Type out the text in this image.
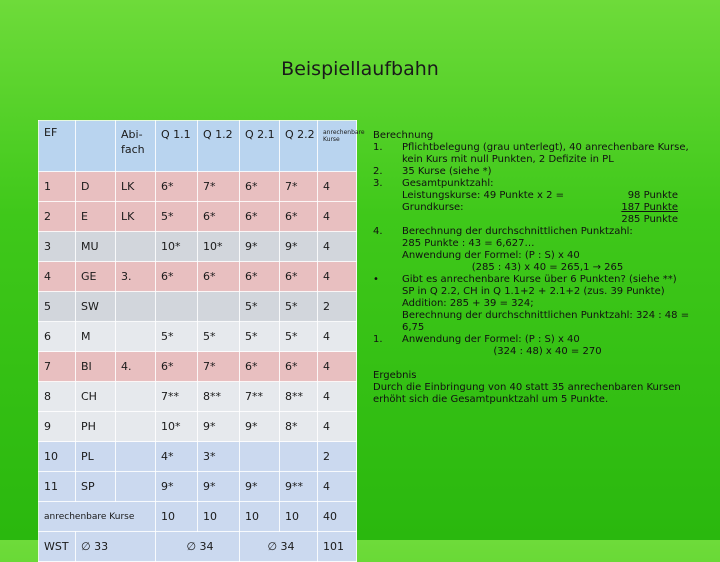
Beispiellaufbahn
EF		Abi-fach	Q 1.1	Q 1.2	Q 2.1	Q 2.2	anrechenbare Kurse
1	D	LK	6*	7*	6*	7*	4
2	E	LK	5*	6*	6*	6*	4
3	MU		10*	10*	9*	9*	4
4	GE	3.	6*	6*	6*	6*	4
5	SW				5*	5*	2
6	M		5*	5*	5*	5*	4
7	BI	4.	6*	7*	6*	6*	4
8	CH		7**	8**	7**	8**	4
9	PH		10*	9*	9*	8*	4
10	PL		4*	3*			2
11	SP		9*	9*	9*	9**	4
anrechenbare Kurse			10	10	10	10	40
WST	∅ 33		∅ 34		∅ 34		101
Berechnung
1.	Pflichtbelegung (grau unterlegt), 40 anrechenbare Kurse, kein Kurs mit null Punkten, 2 Defizite in PL
2.	35 Kurse (siehe *)
3.	Gesamtpunktzahl:
Leistungskurse: 49 Punkte x 2 =	98 Punkte
Grundkurse:	187 Punkte
285 Punkte
4.	Berechnung der durchschnittlichen Punktzahl:
285 Punkte : 43 = 6,627…
Anwendung der Formel: (P : S) x 40
(285 : 43) x 40 = 265,1 → 265
•	Gibt es anrechenbare Kurse über 6 Punkten? (siehe **)
SP in Q 2.2, CH in Q 1.1+2 + 2.1+2 (zus. 39 Punkte)
Addition: 285 + 39 = 324;
Berechnung der durchschnittlichen Punktzahl: 324 : 48 = 6,75
1.	Anwendung der Formel: (P : S) x 40
(324 : 48) x 40 = 270
Ergebnis
Durch die Einbringung von 40 statt 35 anrechenbaren Kursen erhöht sich die Gesamtpunktzahl um 5 Punkte.
